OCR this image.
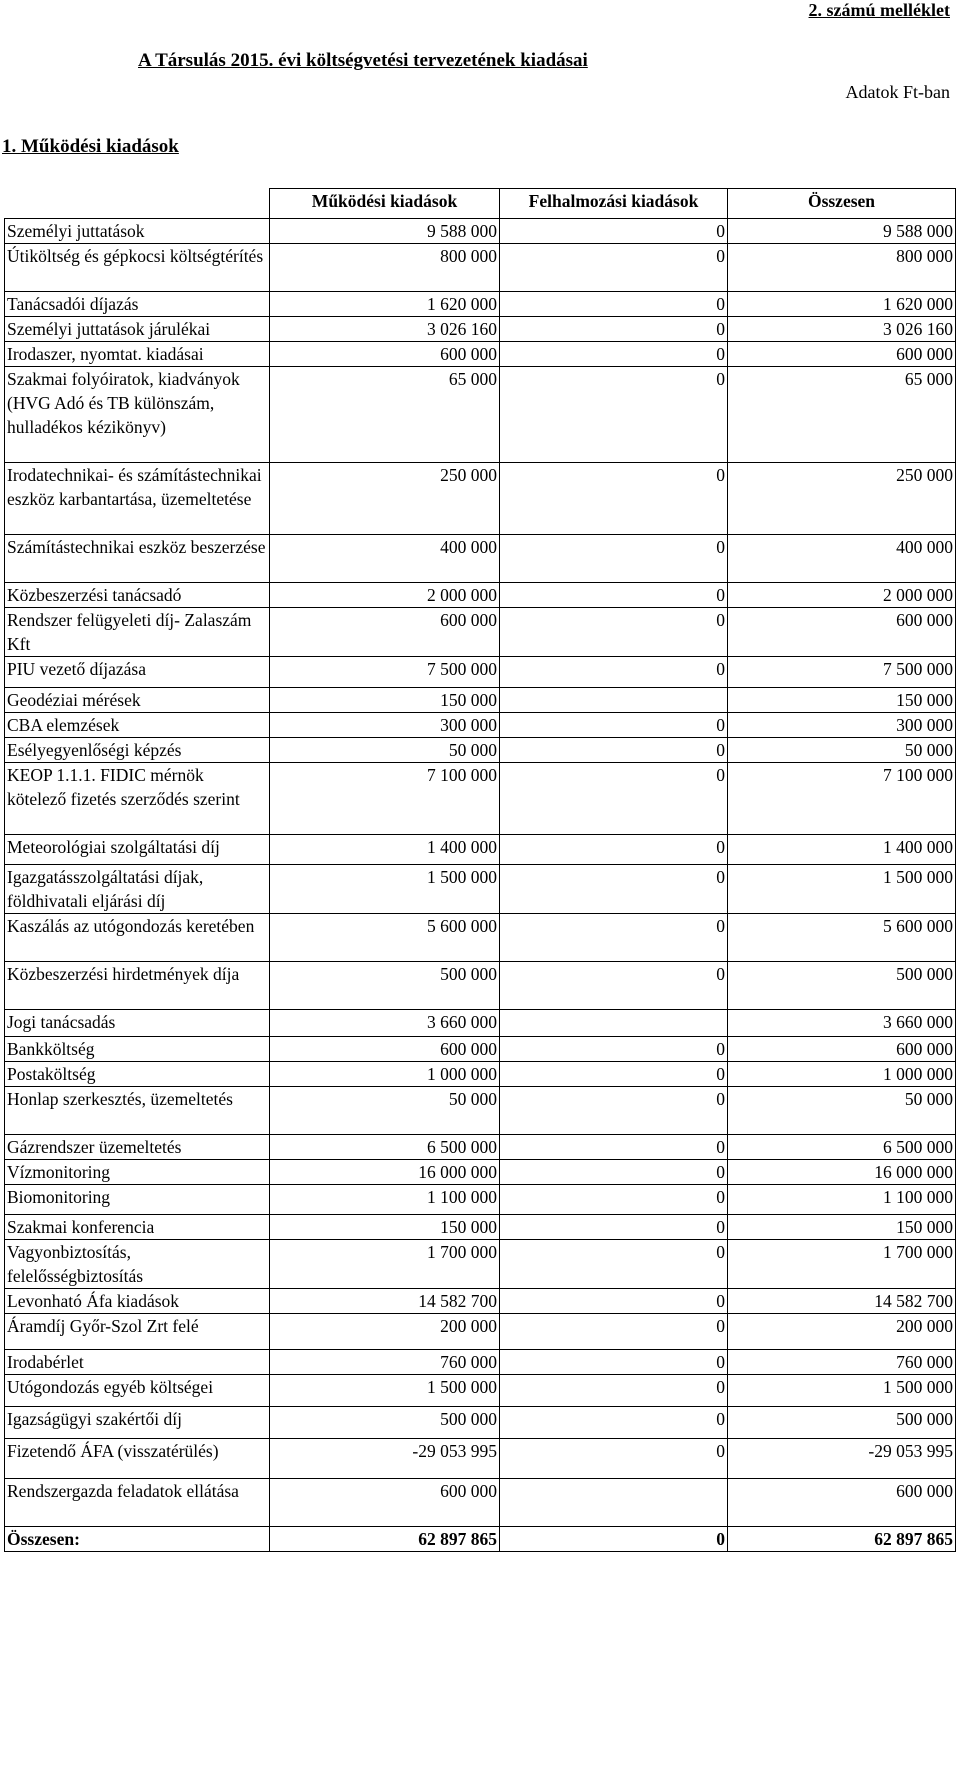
2. számú melléklet
A Társulás 2015. évi költségvetési tervezetének kiadásai
Adatok Ft-ban
1. Működési kiadások
	Működési kiadások	Felhalmozási kiadások	Összesen
Személyi juttatások	9 588 000	0	9 588 000
Útiköltség és gépkocsi költségtérítés	800 000	0	800 000
Tanácsadói díjazás	1 620 000	0	1 620 000
Személyi juttatások járulékai	3 026 160	0	3 026 160
Irodaszer, nyomtat. kiadásai	600 000	0	600 000
Szakmai folyóiratok, kiadványok (HVG Adó és TB különszám, hulladékos kézikönyv)	65 000	0	65 000
Irodatechnikai- és számítástechnikai eszköz karbantartása, üzemeltetése	250 000	0	250 000
Számítástechnikai eszköz beszerzése	400 000	0	400 000
Közbeszerzési tanácsadó	2 000 000	0	2 000 000
Rendszer felügyeleti díj- Zalaszám Kft	600 000	0	600 000
PIU vezető díjazása	7 500 000	0	7 500 000
Geodéziai mérések	150 000		150 000
CBA elemzések	300 000	0	300 000
Esélyegyenlőségi képzés	50 000	0	50 000
KEOP 1.1.1. FIDIC mérnök kötelező fizetés szerződés szerint	7 100 000	0	7 100 000
Meteorológiai szolgáltatási díj	1 400 000	0	1 400 000
Igazgatásszolgáltatási díjak, földhivatali eljárási díj	1 500 000	0	1 500 000
Kaszálás az utógondozás keretében	5 600 000	0	5 600 000
Közbeszerzési hirdetmények díja	500 000	0	500 000
Jogi tanácsadás	3 660 000		3 660 000
Bankköltség	600 000	0	600 000
Postaköltség	1 000 000	0	1 000 000
Honlap szerkesztés, üzemeltetés	50 000	0	50 000
Gázrendszer üzemeltetés	6 500 000	0	6 500 000
Vízmonitoring	16 000 000	0	16 000 000
Biomonitoring	1 100 000	0	1 100 000
Szakmai konferencia	150 000	0	150 000
Vagyonbiztosítás, felelősségbiztosítás	1 700 000	0	1 700 000
Levonható Áfa kiadások	14 582 700	0	14 582 700
Áramdíj Győr-Szol Zrt felé	200 000	0	200 000
Irodabérlet	760 000	0	760 000
Utógondozás egyéb költségei	1 500 000	0	1 500 000
Igazságügyi szakértői díj	500 000	0	500 000
Fizetendő ÁFA (visszatérülés)	-29 053 995	0	-29 053 995
Rendszergazda feladatok ellátása	600 000		600 000
Összesen:	62 897 865	0	62 897 865
